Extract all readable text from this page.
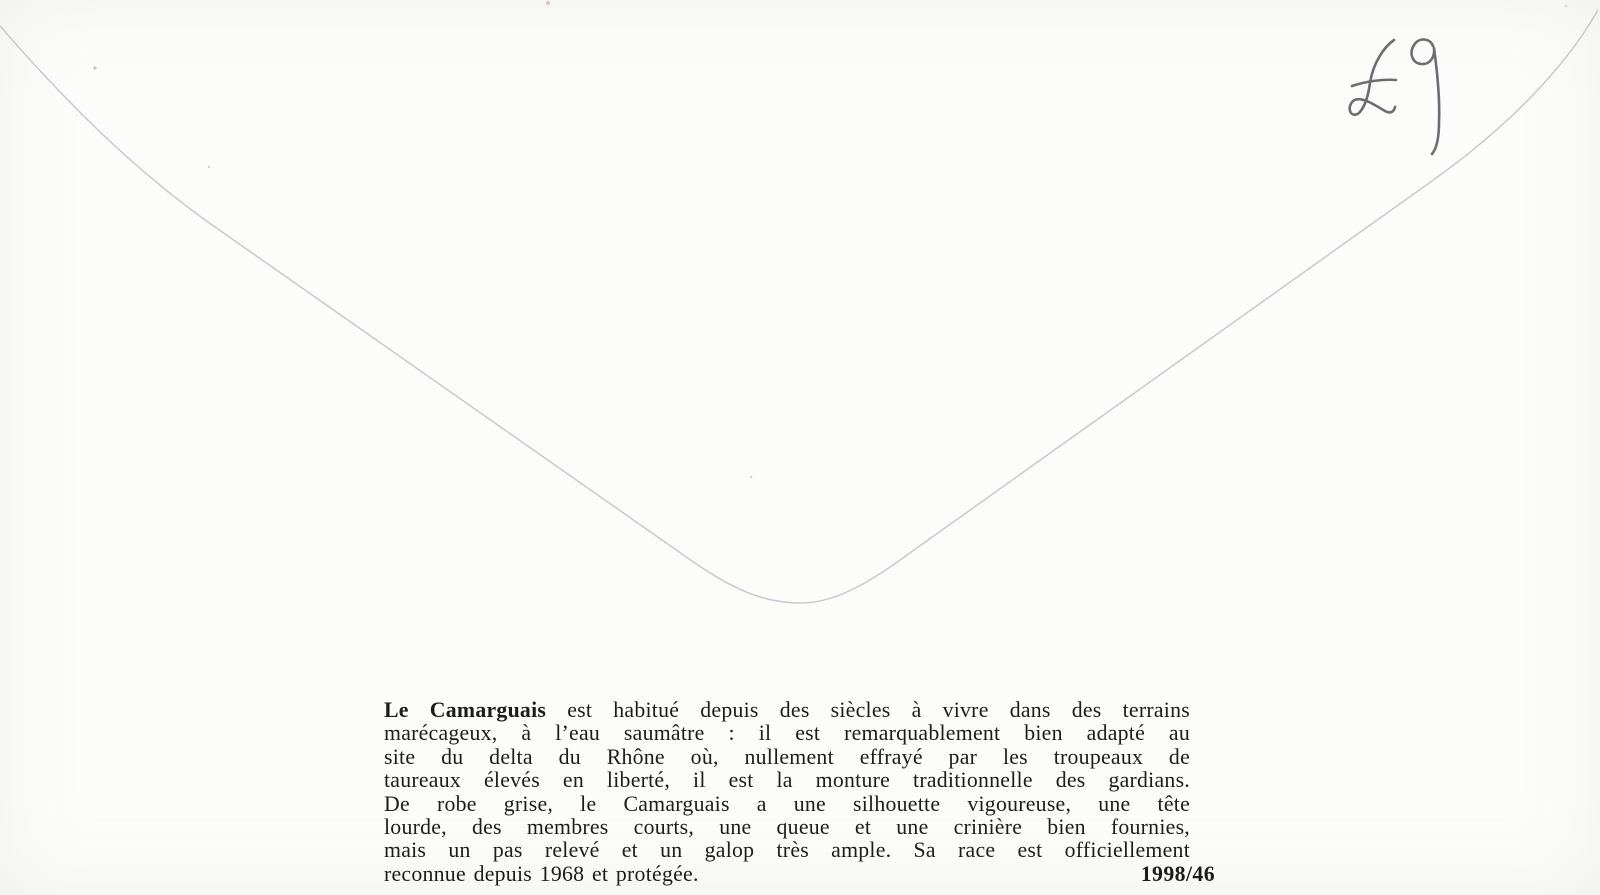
Le Camarguais est habitué depuis des siècles à vivre dans des terrains
marécageux, à l’eau saumâtre : il est remarquablement bien adapté au
site du delta du Rhône où, nullement effrayé par les troupeaux de
taureaux élevés en liberté, il est la monture traditionnelle des gardians.
De robe grise, le Camarguais a une silhouette vigoureuse, une tête
lourde, des membres courts, une queue et une crinière bien fournies,
mais un pas relevé et un galop très ample. Sa race est officiellement
reconnue depuis 1968 et protégée.	1998/46
